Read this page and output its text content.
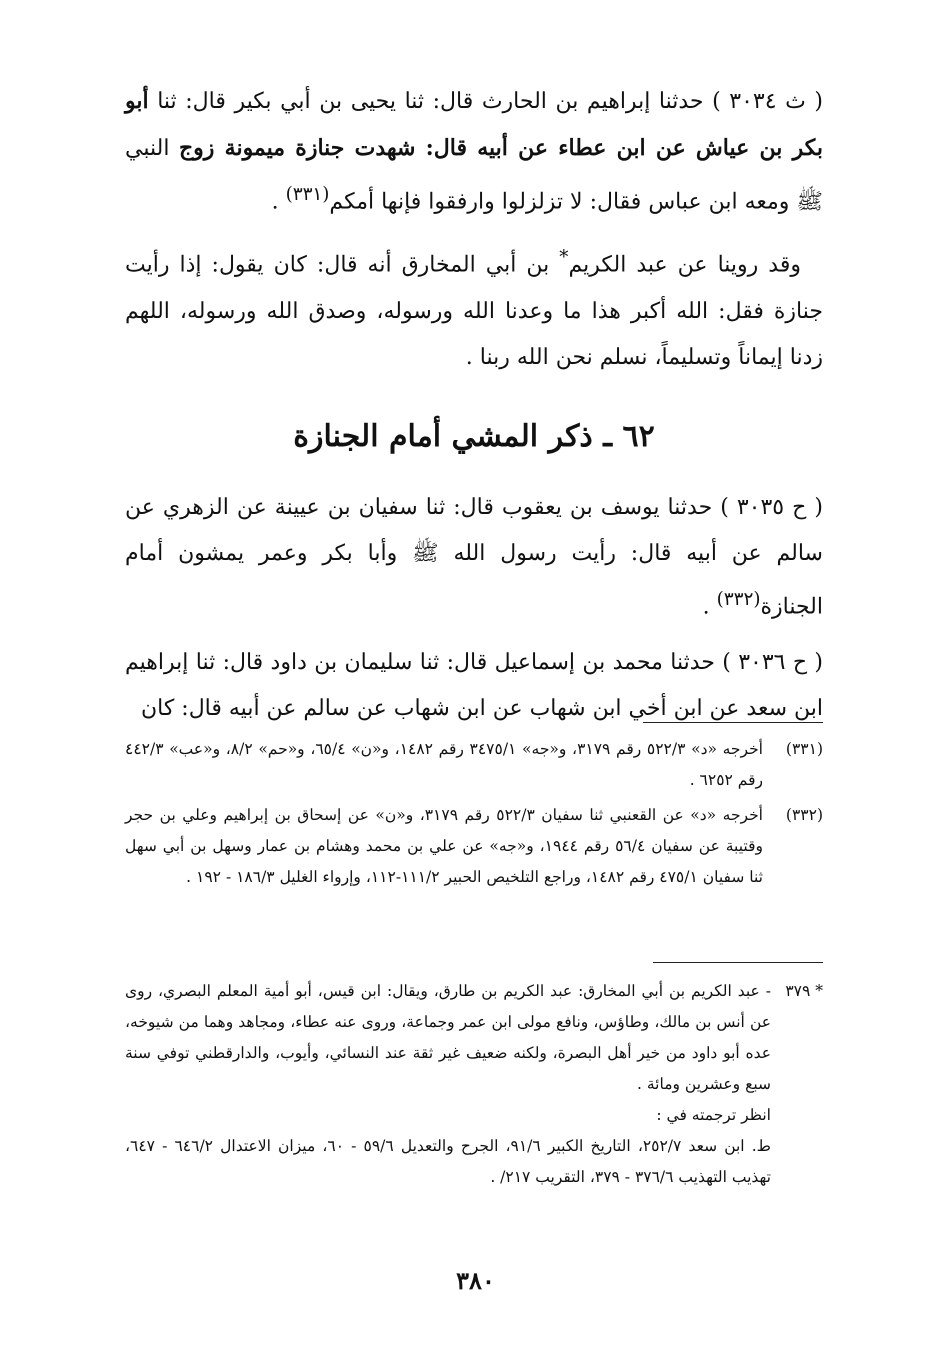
( ث ٣٠٣٤ ) حدثنا إبراهيم بن الحارث قال: ثنا يحيى بن أبي بكير قال: ثنا أبو بكر بن عياش عن ابن عطاء عن أبيه قال: شهدت جنازة ميمونة زوج النبي ﷺ ومعه ابن عباس فقال: لا تزلزلوا وارفقوا فإنها أمكم$^{(٣٣١)}$ .

وقد روينا عن عبد الكريم* بن أبي المخارق أنه قال: كان يقول: إذا رأيت جنازة فقل: الله أكبر هذا ما وعدنا الله ورسوله، وصدق الله ورسوله، اللهم زدنا إيماناً وتسليماً، نسلم نحن الله ربنا .

٦٢ ـ ذكر المشي أمام الجنازة

( ح ٣٠٣٥ ) حدثنا يوسف بن يعقوب قال: ثنا سفيان بن عيينة عن الزهري عن سالم عن أبيه قال: رأيت رسول الله ﷺ وأبا بكر وعمر يمشون أمام الجنازة$^{(٣٣٢)}$ .

( ح ٣٠٣٦ ) حدثنا محمد بن إسماعيل قال: ثنا سليمان بن داود قال: ثنا إبراهيم ابن سعد عن ابن أخي ابن شهاب عن ابن شهاب عن سالم عن أبيه قال: كان

(٣٣١)
أخرجه «د» ٥٢٢/٣ رقم ٣١٧٩، و«جه» ٣٤٧٥/١ رقم ١٤٨٢، و«ن» ٦٥/٤، و«حم» ٨/٢، و«عب» ٤٤٢/٣ رقم ٦٢٥٢ .

(٣٣٢)
أخرجه «د» عن القعنبي ثنا سفيان ٥٢٢/٣ رقم ٣١٧٩، و«ن» عن إسحاق بن إبراهيم وعلي بن حجر وقتيبة عن سفيان ٥٦/٤ رقم ١٩٤٤، و«جه» عن علي بن محمد وهشام بن عمار وسهل بن أبي سهل ثنا سفيان ٤٧٥/١ رقم ١٤٨٢، وراجع التلخيص الحبير ١١١/٢-١١٢، وإرواء الغليل ١٨٦/٣ - ١٩٢ .

* ٣٧٩

- عبد الكريم بن أبي المخارق: عبد الكريم بن طارق، ويقال: ابن قيس، أبو أمية المعلم البصري، روى عن أنس بن مالك، وطاؤس، ونافع مولى ابن عمر وجماعة، وروى عنه عطاء، ومجاهد وهما من شيوخه، عده أبو داود من خير أهل البصرة، ولكنه ضعيف غير ثقة عند النسائي، وأيوب، والدارقطني توفي سنة سبع وعشرين ومائة .

انظر ترجمته في :

ط. ابن سعد ٢٥٢/٧، التاريخ الكبير ٩١/٦، الجرح والتعديل ٥٩/٦ - ٦٠، ميزان الاعتدال ٦٤٦/٢ - ٦٤٧، تهذيب التهذيب ٣٧٦/٦ - ٣٧٩، التقريب ٢١٧/ .

٣٨٠
